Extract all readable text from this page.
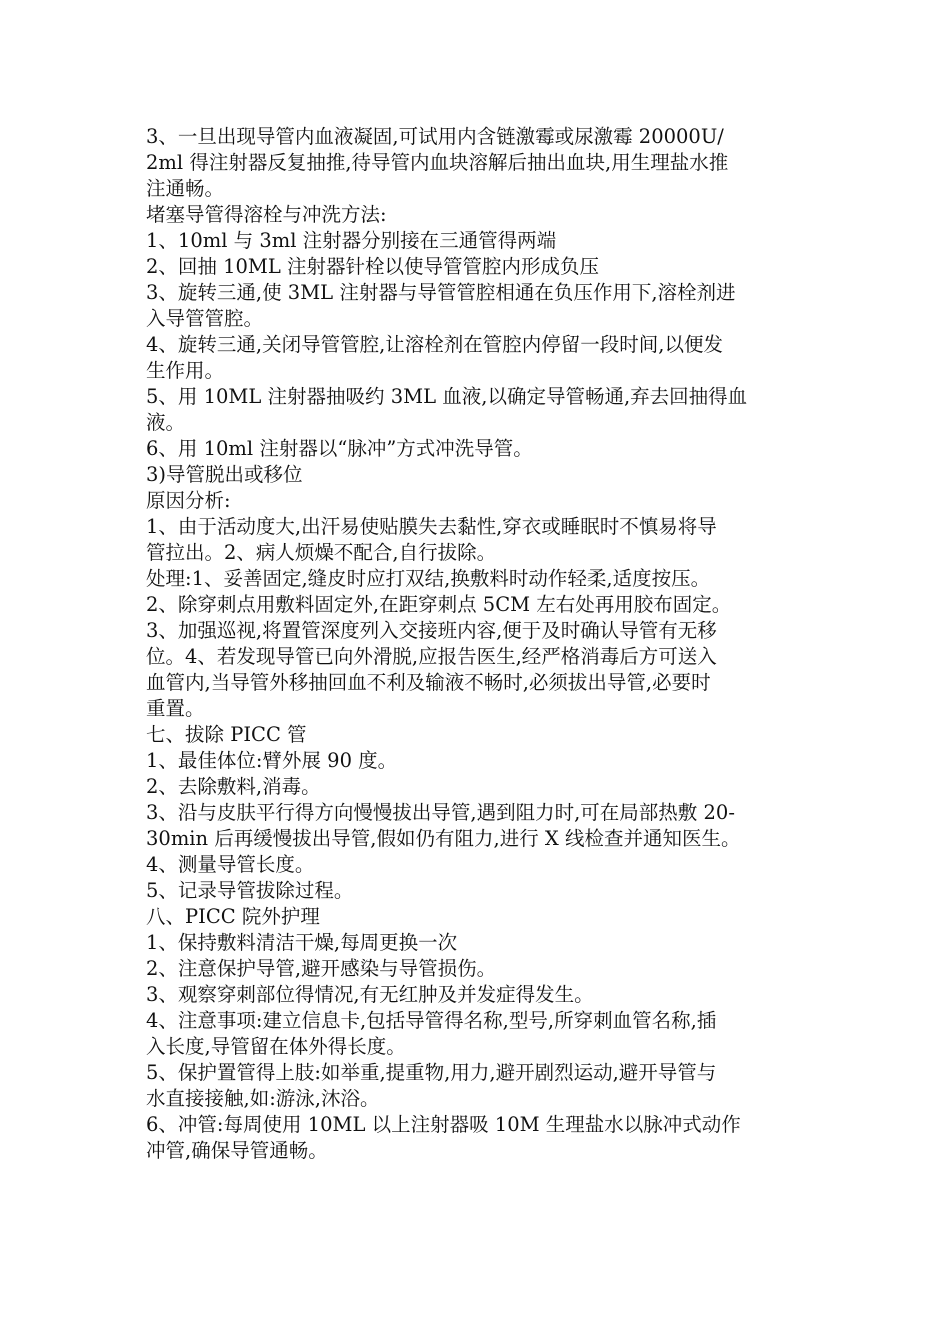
3、一旦出现导管内血液凝固,可试用内含链激霉或尿激霉 20000U/
2ml 得注射器反复抽推,待导管内血块溶解后抽出血块,用生理盐水推
注通畅。
堵塞导管得溶栓与冲洗方法:
1、10ml 与 3ml 注射器分别接在三通管得两端
2、回抽 10ML 注射器针栓以使导管管腔内形成负压
3、旋转三通,使 3ML 注射器与导管管腔相通在负压作用下,溶栓剂进
入导管管腔。
4、旋转三通,关闭导管管腔,让溶栓剂在管腔内停留一段时间,以便发
生作用。
5、用 10ML 注射器抽吸约 3ML 血液,以确定导管畅通,弃去回抽得血
液。
6、用 10ml 注射器以“脉冲”方式冲洗导管。
3)导管脱出或移位
原因分析:
1、由于活动度大,出汗易使贴膜失去黏性,穿衣或睡眠时不慎易将导
管拉出。2、病人烦燥不配合,自行拔除。
处理:1、妥善固定,缝皮时应打双结,换敷料时动作轻柔,适度按压。
2、除穿刺点用敷料固定外,在距穿刺点 5CM 左右处再用胶布固定。
3、加强巡视,将置管深度列入交接班内容,便于及时确认导管有无移
位。4、若发现导管已向外滑脱,应报告医生,经严格消毒后方可送入
血管内,当导管外移抽回血不利及输液不畅时,必须拔出导管,必要时
重置。
七、拔除 PICC 管
1、最佳体位:臂外展 90 度。
2、去除敷料,消毒。
3、沿与皮肤平行得方向慢慢拔出导管,遇到阻力时,可在局部热敷 20-
30min 后再缓慢拔出导管,假如仍有阻力,进行 X 线检查并通知医生。
4、测量导管长度。
5、记录导管拔除过程。
八、PICC 院外护理
1、保持敷料清洁干燥,每周更换一次
2、注意保护导管,避开感染与导管损伤。
3、观察穿刺部位得情况,有无红肿及并发症得发生。
4、注意事项:建立信息卡,包括导管得名称,型号,所穿刺血管名称,插
入长度,导管留在体外得长度。
5、保护置管得上肢:如举重,提重物,用力,避开剧烈运动,避开导管与
水直接接触,如:游泳,沐浴。
6、冲管:每周使用 10ML 以上注射器吸 10M 生理盐水以脉冲式动作
冲管,确保导管通畅。
